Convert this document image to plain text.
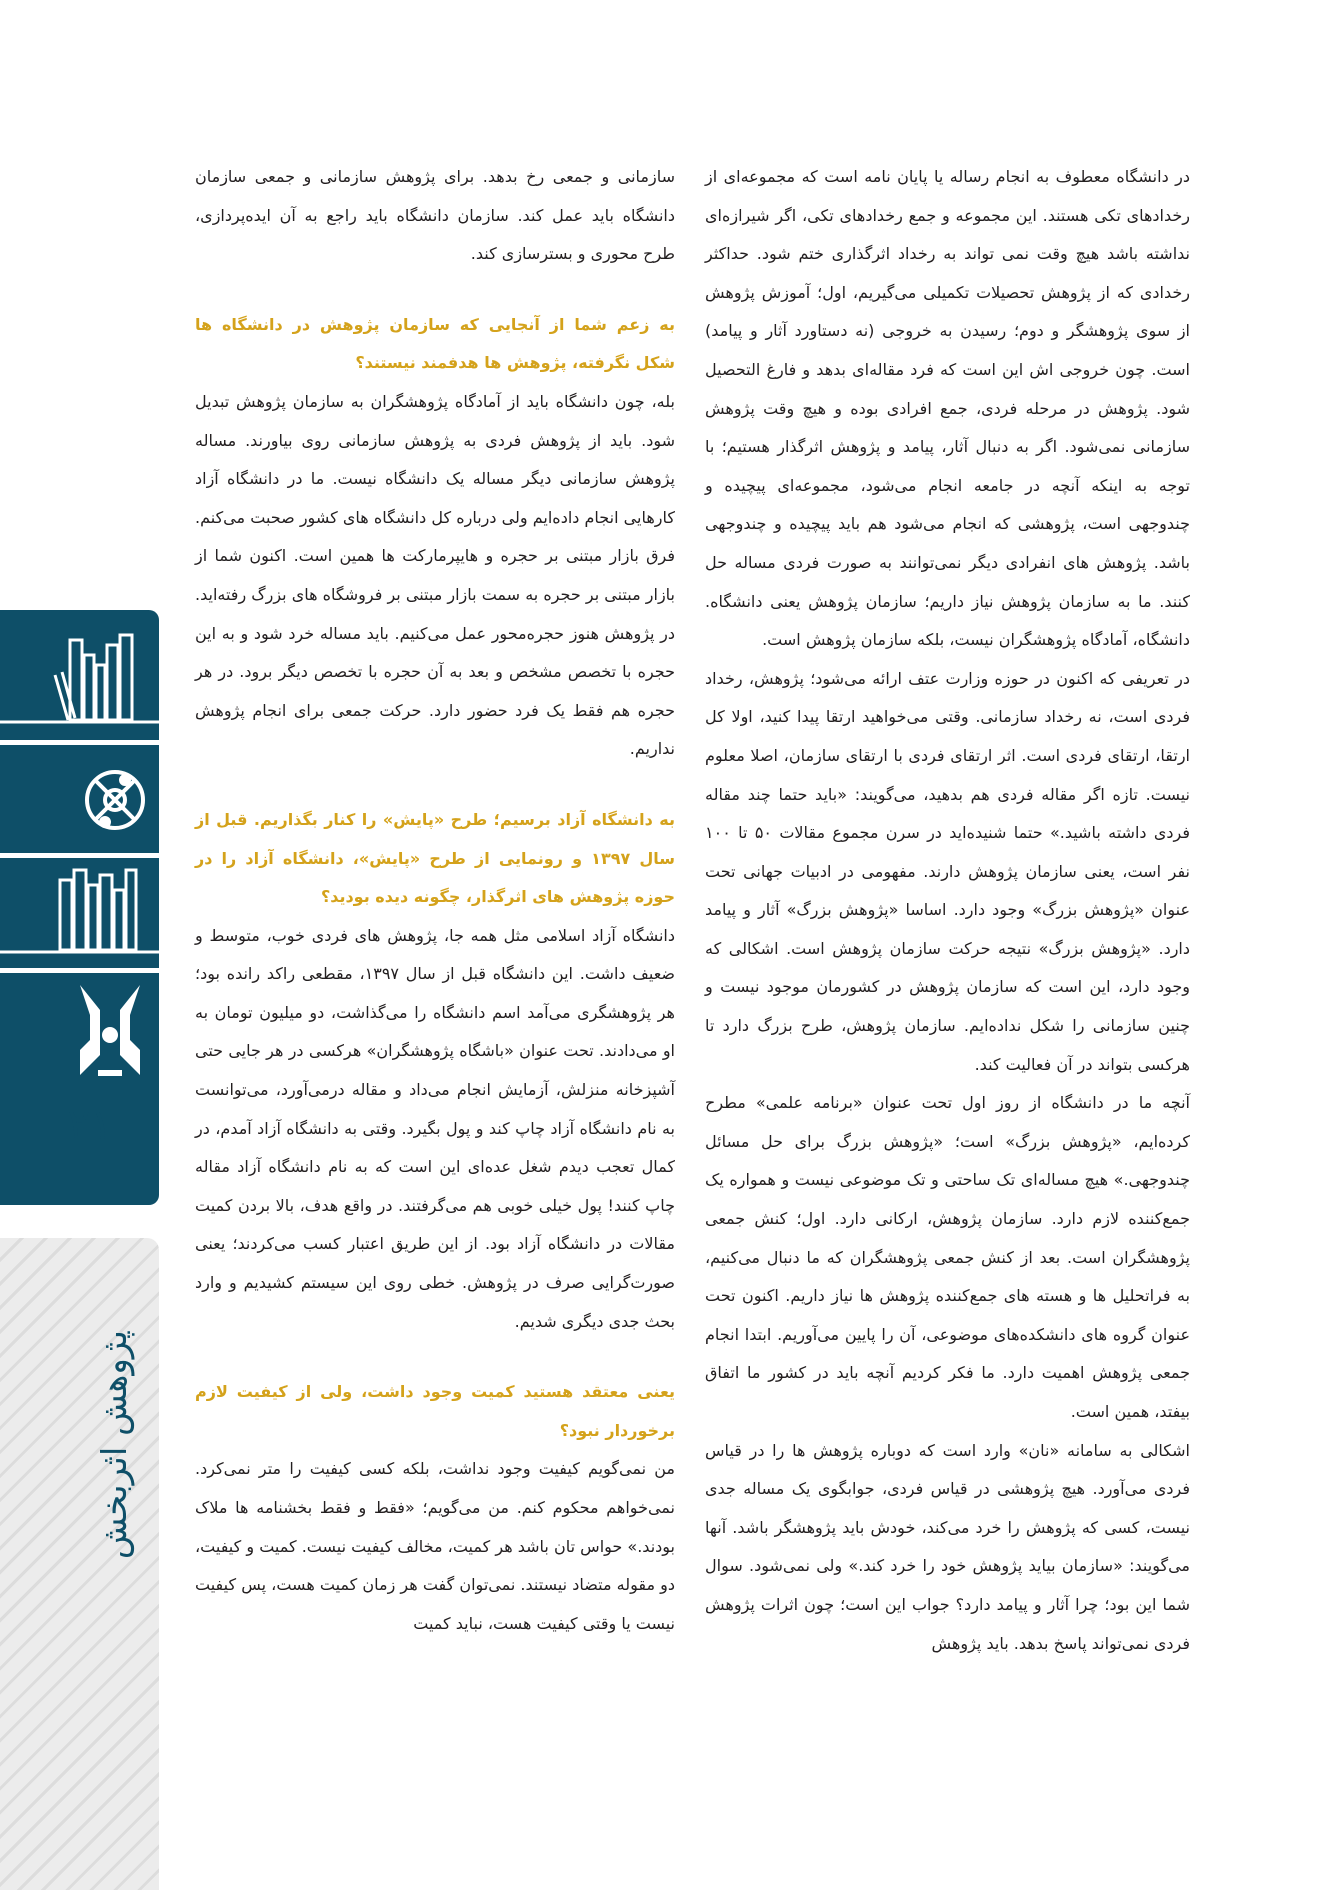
۲۱
پژوهش اثربخش

در دانشگاه معطوف به انجام رساله یا پایان نامه است که مجموعه‌ای از رخدادهای تکی هستند. این مجموعه و جمع رخدادهای تکی، اگر شیرازه‌ای نداشته باشد هیچ وقت نمی تواند به رخداد اثرگذاری ختم شود. حداکثر رخدادی که از پژوهش تحصیلات تکمیلی می‌گیریم، اول؛ آموزش پژوهش از سوی پژوهشگر و دوم؛ رسیدن به خروجی (نه دستاورد آثار و پیامد) است. چون خروجی اش این است که فرد مقاله‌ای بدهد و فارغ التحصیل شود. پژوهش در مرحله فردی، جمع افرادی بوده و هیچ وقت پژوهش سازمانی نمی‌شود. اگر به دنبال آثار، پیامد و پژوهش اثرگذار هستیم؛ با توجه به اینکه آنچه در جامعه انجام می‌شود، مجموعه‌ای پیچیده و چندوجهی است، پژوهشی که انجام می‌شود هم باید پیچیده و چندوجهی باشد. پژوهش های انفرادی دیگر نمی‌توانند به صورت فردی مساله حل کنند. ما به سازمان پژوهش نیاز داریم؛ سازمان پژوهش یعنی دانشگاه. دانشگاه، آمادگاه پژوهشگران نیست، بلکه سازمان پژوهش است.

در تعریفی که اکنون در حوزه وزارت عتف ارائه می‌شود؛ پژوهش، رخداد فردی است، نه رخداد سازمانی. وقتی می‌خواهید ارتقا پیدا کنید، اولا کل ارتقا، ارتقای فردی است. اثر ارتقای فردی با ارتقای سازمان، اصلا معلوم نیست. تازه اگر مقاله فردی هم بدهید، می‌گویند: «باید حتما چند مقاله فردی داشته باشید.» حتما شنیده‌اید در سرن مجموع مقالات ۵۰ تا ۱۰۰ نفر است، یعنی سازمان پژوهش دارند. مفهومی در ادبیات جهانی تحت عنوان «پژوهش بزرگ» وجود دارد. اساسا «پژوهش بزرگ» آثار و پیامد دارد. «پژوهش بزرگ» نتیجه حرکت سازمان پژوهش است. اشکالی که وجود دارد، این است که سازمان پژوهش در کشورمان موجود نیست و چنین سازمانی را شکل نداده‌ایم. سازمان پژوهش، طرح بزرگ دارد تا هرکسی بتواند در آن فعالیت کند.

آنچه ما در دانشگاه از روز اول تحت عنوان «برنامه علمی» مطرح کرده‌ایم، «پژوهش بزرگ» است؛ «پژوهش بزرگ برای حل مسائل چندوجهی.» هیچ مساله‌ای تک ساحتی و تک موضوعی نیست و همواره یک جمع‌کننده لازم دارد. سازمان پژوهش، ارکانی دارد. اول؛ کنش جمعی پژوهشگران است. بعد از کنش جمعی پژوهشگران که ما دنبال می‌کنیم، به فراتحلیل ها و هسته های جمع‌کننده پژوهش ها نیاز داریم. اکنون تحت عنوان گروه های دانشکده‌های موضوعی، آن را پایین می‌آوریم. ابتدا انجام جمعی پژوهش اهمیت دارد. ما فکر کردیم آنچه باید در کشور ما اتفاق بیفتد، همین است.

اشکالی به سامانه «نان» وارد است که دوباره پژوهش ها را در قیاس فردی می‌آورد. هیچ پژوهشی در قیاس فردی، جوابگوی یک مساله جدی نیست، کسی که پژوهش را خرد می‌کند، خودش باید پژوهشگر باشد. آنها می‌گویند: «سازمان بیاید پژوهش خود را خرد کند.» ولی نمی‌شود. سوال شما این بود؛ چرا آثار و پیامد دارد؟ جواب این است؛ چون اثرات پژوهش فردی نمی‌تواند پاسخ بدهد. باید پژوهش

سازمانی و جمعی رخ بدهد. برای پژوهش سازمانی و جمعی سازمان دانشگاه باید عمل کند. سازمان دانشگاه باید راجع به آن ایده‌پردازی، طرح محوری و بسترسازی کند.

به زعم شما از آنجایی که سازمان پژوهش در دانشگاه ها شکل نگرفته، پژوهش ها هدفمند نیستند؟

بله، چون دانشگاه باید از آمادگاه پژوهشگران به سازمان پژوهش تبدیل شود. باید از پژوهش فردی به پژوهش سازمانی روی بیاورند. مساله پژوهش سازمانی دیگر مساله یک دانشگاه نیست. ما در دانشگاه آزاد کارهایی انجام داده‌ایم ولی درباره کل دانشگاه های کشور صحبت می‌کنم. فرق بازار مبتنی بر حجره و هایپرمارکت ها همین است. اکنون شما از بازار مبتنی بر حجره به سمت بازار مبتنی بر فروشگاه های بزرگ رفته‌اید. در پژوهش هنوز حجره‌محور عمل می‌کنیم. باید مساله خرد شود و به این حجره با تخصص مشخص و بعد به آن حجره با تخصص دیگر برود. در هر حجره هم فقط یک فرد حضور دارد. حرکت جمعی برای انجام پژوهش نداریم.

به دانشگاه آزاد برسیم؛ طرح «پایش» را کنار بگذاریم. قبل از سال ۱۳۹۷ و رونمایی از طرح «پایش»، دانشگاه آزاد را در حوزه پژوهش های اثرگذار، چگونه دیده بودید؟

دانشگاه آزاد اسلامی مثل همه جا، پژوهش های فردی خوب، متوسط و ضعیف داشت. این دانشگاه قبل از سال ۱۳۹۷، مقطعی راکد رانده بود؛ هر پژوهشگری می‌آمد اسم دانشگاه را می‌گذاشت، دو میلیون تومان به او می‌دادند. تحت عنوان «باشگاه پژوهشگران» هرکسی در هر جایی حتی آشپزخانه منزلش، آزمایش انجام می‌داد و مقاله درمی‌آورد، می‌توانست به نام دانشگاه آزاد چاپ کند و پول بگیرد. وقتی به دانشگاه آزاد آمدم، در کمال تعجب دیدم شغل عده‌ای این است که به نام دانشگاه آزاد مقاله چاپ کنند! پول خیلی خوبی هم می‌گرفتند. در واقع هدف، بالا بردن کمیت مقالات در دانشگاه آزاد بود. از این طریق اعتبار کسب می‌کردند؛ یعنی صورت‌گرایی صرف در پژوهش. خطی روی این سیستم کشیدیم و وارد بحث جدی دیگری شدیم.

یعنی معتقد هستید کمیت وجود داشت، ولی از کیفیت لازم برخوردار نبود؟

من نمی‌گویم کیفیت وجود نداشت، بلکه کسی کیفیت را متر نمی‌کرد. نمی‌خواهم محکوم کنم. من می‌گویم؛ «فقط و فقط بخشنامه ها ملاک بودند.» حواس تان باشد هر کمیت، مخالف کیفیت نیست. کمیت و کیفیت، دو مقوله متضاد نیستند. نمی‌توان گفت هر زمان کمیت هست، پس کیفیت نیست یا وقتی کیفیت هست، نباید کمیت
